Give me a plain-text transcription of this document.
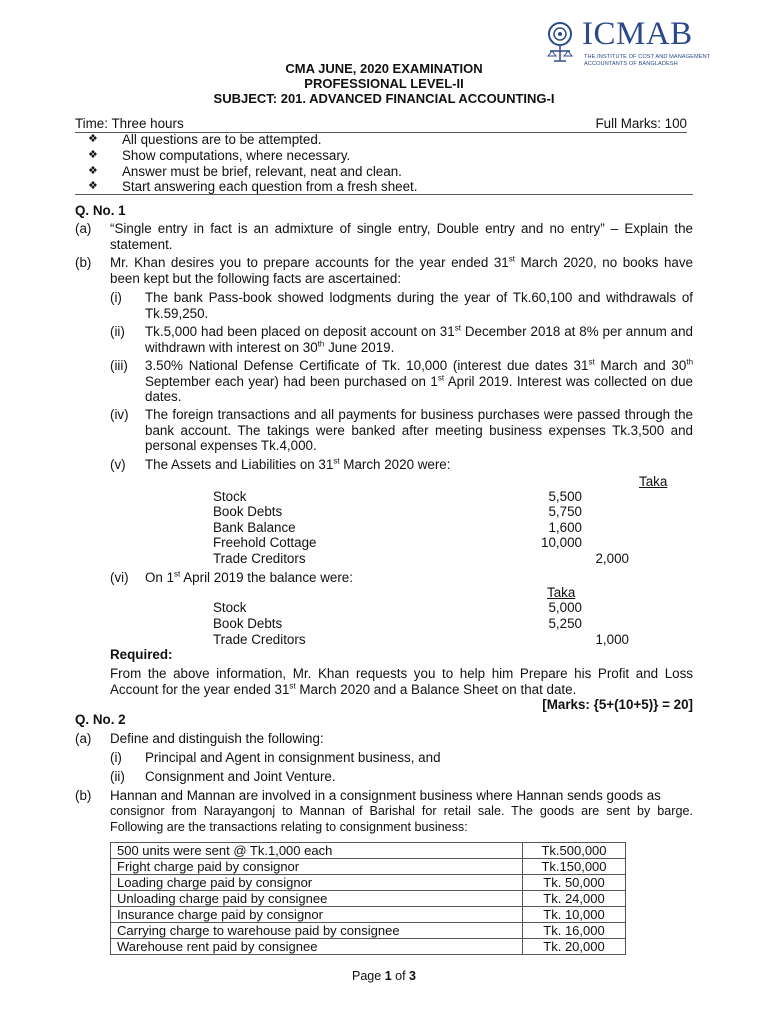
ICMAB
THE INSTITUTE OF COST AND MANAGEMENT
ACCOUNTANTS OF BANGLADESH
CMA JUNE, 2020 EXAMINATION
PROFESSIONAL LEVEL-II
SUBJECT: 201. ADVANCED FINANCIAL ACCOUNTING-I
Time: Three hours	Full Marks: 100
❖ All questions are to be attempted.
❖ Show computations, where necessary.
❖ Answer must be brief, relevant, neat and clean.
❖ Start answering each question from a fresh sheet.
Q. No. 1
(a) “Single entry in fact is an admixture of single entry, Double entry and no entry” – Explain the statement.
(b) Mr. Khan desires you to prepare accounts for the year ended 31st March 2020, no books have been kept but the following facts are ascertained:
(i) The bank Pass-book showed lodgments during the year of Tk.60,100 and withdrawals of Tk.59,250.
(ii) Tk.5,000 had been placed on deposit account on 31st December 2018 at 8% per annum and withdrawn with interest on 30th June 2019.
(iii) 3.50% National Defense Certificate of Tk. 10,000 (interest due dates 31st March and 30th September each year) had been purchased on 1st April 2019. Interest was collected on due dates.
(iv) The foreign transactions and all payments for business purchases were passed through the bank account. The takings were banked after meeting business expenses Tk.3,500 and personal expenses Tk.4,000.
(v) The Assets and Liabilities on 31st March 2020 were:
Taka
Stock	5,500
Book Debts	5,750
Bank Balance	1,600
Freehold Cottage	10,000
Trade Creditors	2,000
(vi) On 1st April 2019 the balance were:
Taka
Stock	5,000
Book Debts	5,250
Trade Creditors	1,000
Required:
From the above information, Mr. Khan requests you to help him Prepare his Profit and Loss Account for the year ended 31st March 2020 and a Balance Sheet on that date.
[Marks: {5+(10+5)} = 20]
Q. No. 2
(a) Define and distinguish the following:
(i) Principal and Agent in consignment business, and
(ii) Consignment and Joint Venture.
(b) Hannan and Mannan are involved in a consignment business where Hannan sends goods as
consignor from Narayangonj to Mannan of Barishal for retail sale. The goods are sent by barge. Following are the transactions relating to consignment business:
500 units were sent @ Tk.1,000 each	Tk.500,000
Fright charge paid by consignor	Tk.150,000
Loading charge paid by consignor	Tk. 50,000
Unloading charge paid by consignee	Tk. 24,000
Insurance charge paid by consignor	Tk. 10,000
Carrying charge to warehouse paid by consignee	Tk. 16,000
Warehouse rent paid by consignee	Tk. 20,000
Page 1 of 3
